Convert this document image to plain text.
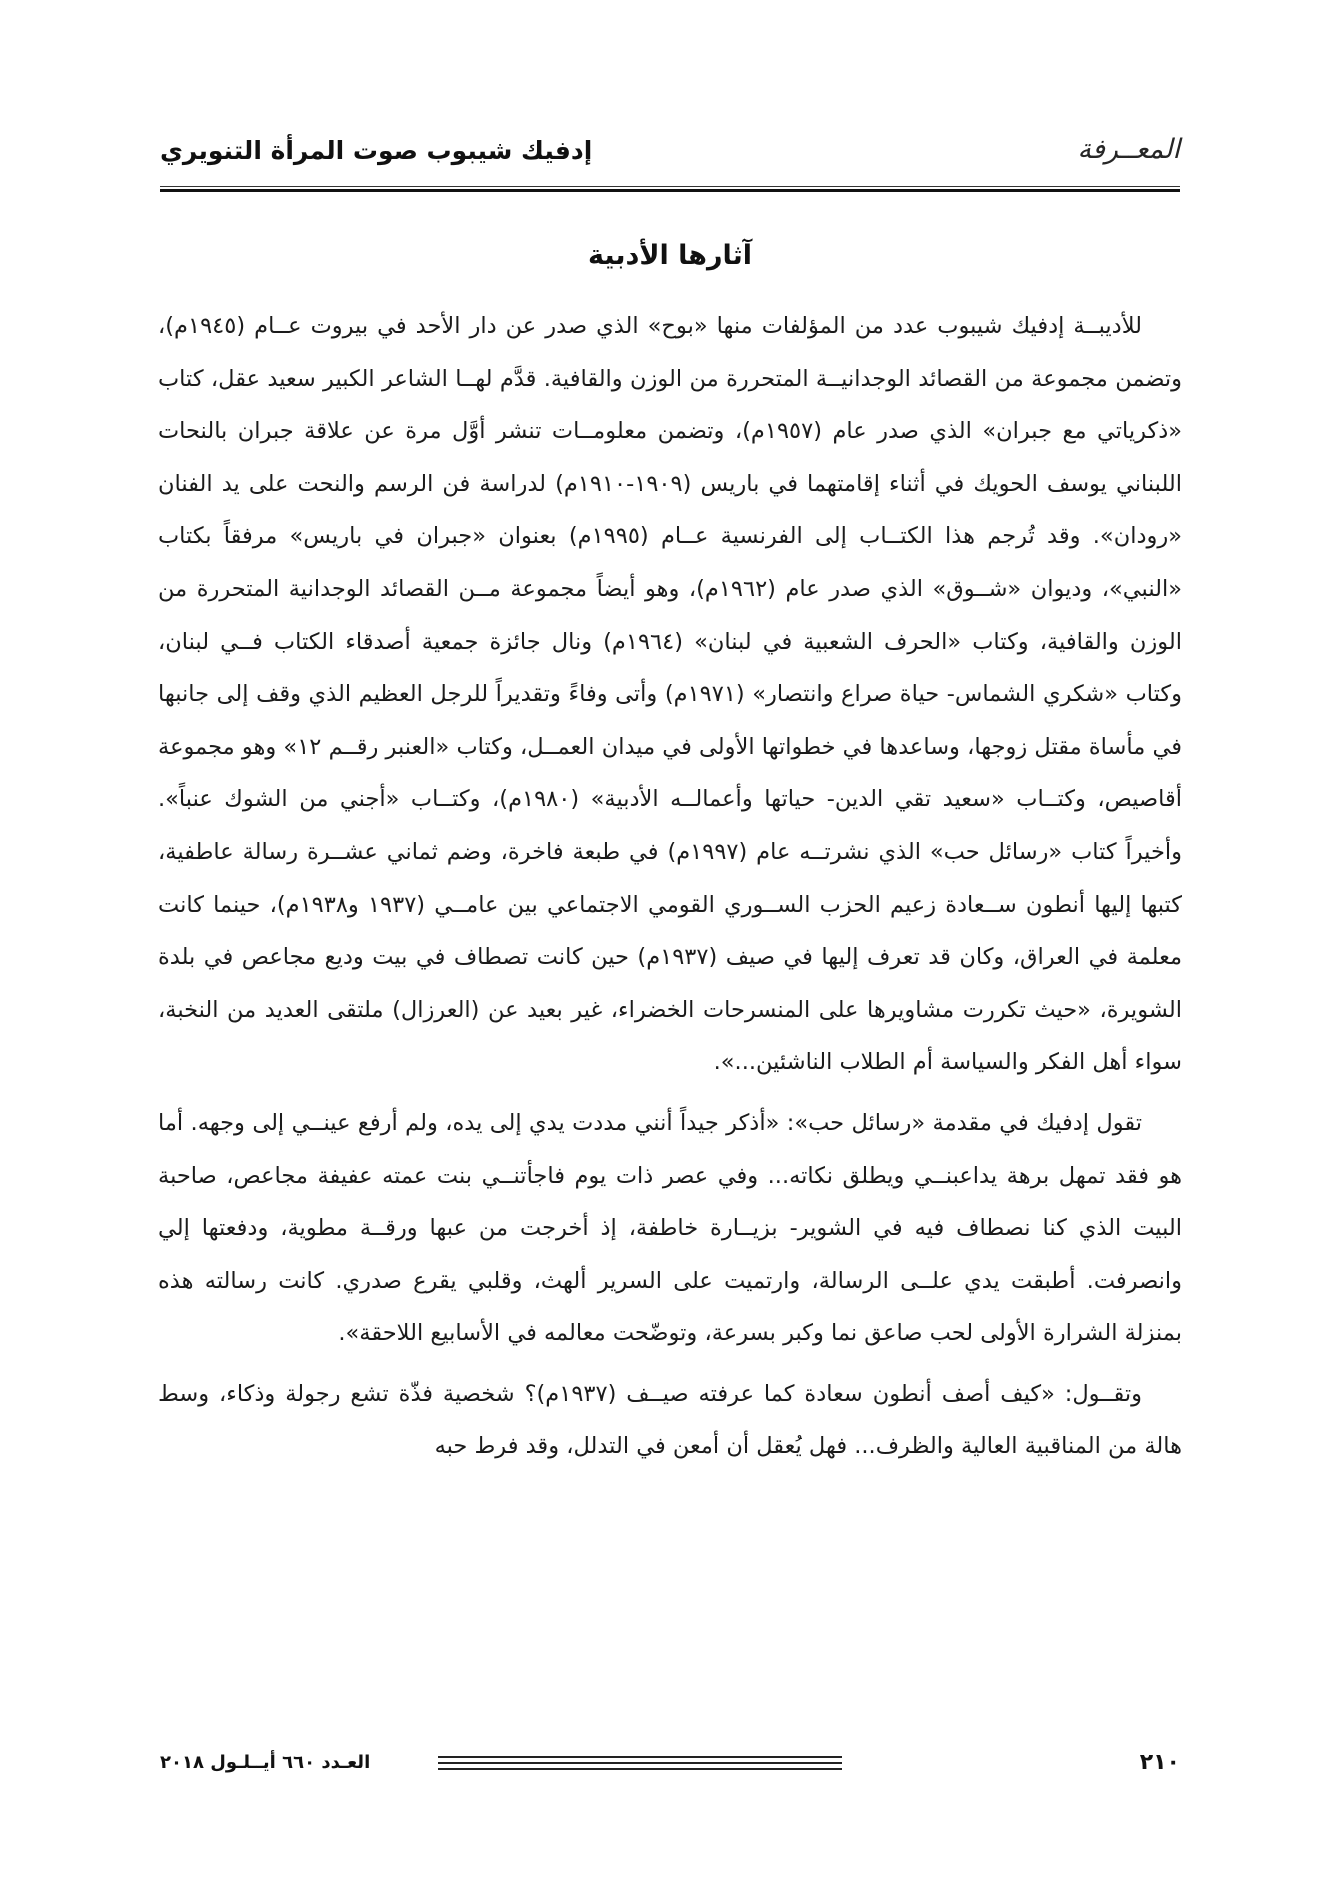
المعــرفة
إدفيك شيبوب صوت المرأة التنويري
آثارها الأدبية

للأديبــة إدفيك شيبوب عدد من المؤلفات منها «بوح» الذي صدر عن دار الأحد في بيروت عــام (١٩٤٥م)، وتضمن مجموعة من القصائد الوجدانيــة المتحررة من الوزن والقافية. قدَّم لهــا الشاعر الكبير سعيد عقل، كتاب «ذكرياتي مع جبران» الذي صدر عام (١٩٥٧م)، وتضمن معلومــات تنشر أوَّل مرة عن علاقة جبران بالنحات اللبناني يوسف الحويك في أثناء إقامتهما في باريس (١٩٠٩-١٩١٠م) لدراسة فن الرسم والنحت على يد الفنان «رودان». وقد تُرجم هذا الكتــاب إلى الفرنسية عــام (١٩٩٥م) بعنوان «جبران في باريس» مرفقاً بكتاب «النبي»، وديوان «شــوق» الذي صدر عام (١٩٦٢م)، وهو أيضاً مجموعة مــن القصائد الوجدانية المتحررة من الوزن والقافية، وكتاب «الحرف الشعبية في لبنان» (١٩٦٤م) ونال جائزة جمعية أصدقاء الكتاب فــي لبنان، وكتاب «شكري الشماس- حياة صراع وانتصار» (١٩٧١م) وأتى وفاءً وتقديراً للرجل العظيم الذي وقف إلى جانبها في مأساة مقتل زوجها، وساعدها في خطواتها الأولى في ميدان العمــل، وكتاب «العنبر رقــم ١٢» وهو مجموعة أقاصيص، وكتــاب «سعيد تقي الدين- حياتها وأعمالــه الأدبية» (١٩٨٠م)، وكتــاب «أجني من الشوك عنباً». وأخيراً كتاب «رسائل حب» الذي نشرتــه عام (١٩٩٧م) في طبعة فاخرة، وضم ثماني عشــرة رسالة عاطفية، كتبها إليها أنطون ســعادة زعيم الحزب الســوري القومي الاجتماعي بين عامــي (١٩٣٧ و١٩٣٨م)، حينما كانت معلمة في العراق، وكان قد تعرف إليها في صيف (١٩٣٧م) حين كانت تصطاف في بيت وديع مجاعص في بلدة الشويرة، «حيث تكررت مشاويرها على المنسرحات الخضراء، غير بعيد عن (العرزال) ملتقى العديد من النخبة، سواء أهل الفكر والسياسة أم الطلاب الناشئين...».

تقول إدفيك في مقدمة «رسائل حب»: «أذكر جيداً أنني مددت يدي إلى يده، ولم أرفع عينــي إلى وجهه. أما هو فقد تمهل برهة يداعبنــي ويطلق نكاته... وفي عصر ذات يوم فاجأتنــي بنت عمته عفيفة مجاعص، صاحبة البيت الذي كنا نصطاف فيه في الشوير- بزيــارة خاطفة، إذ أخرجت من عبها ورقــة مطوية، ودفعتها إلي وانصرفت. أطبقت يدي علــى الرسالة، وارتميت على السرير ألهث، وقلبي يقرع صدري. كانت رسالته هذه بمنزلة الشرارة الأولى لحب صاعق نما وكبر بسرعة، وتوضّحت معالمه في الأسابيع اللاحقة».

وتقــول: «كيف أصف أنطون سعادة كما عرفته صيــف (١٩٣٧م)؟ شخصية فذّة تشع رجولة وذكاء، وسط هالة من المناقبية العالية والظرف... فهل يُعقل أن أمعن في التدلل، وقد فرط حبه

٢١٠
العـدد ٦٦٠ أيــلـول ٢٠١٨
